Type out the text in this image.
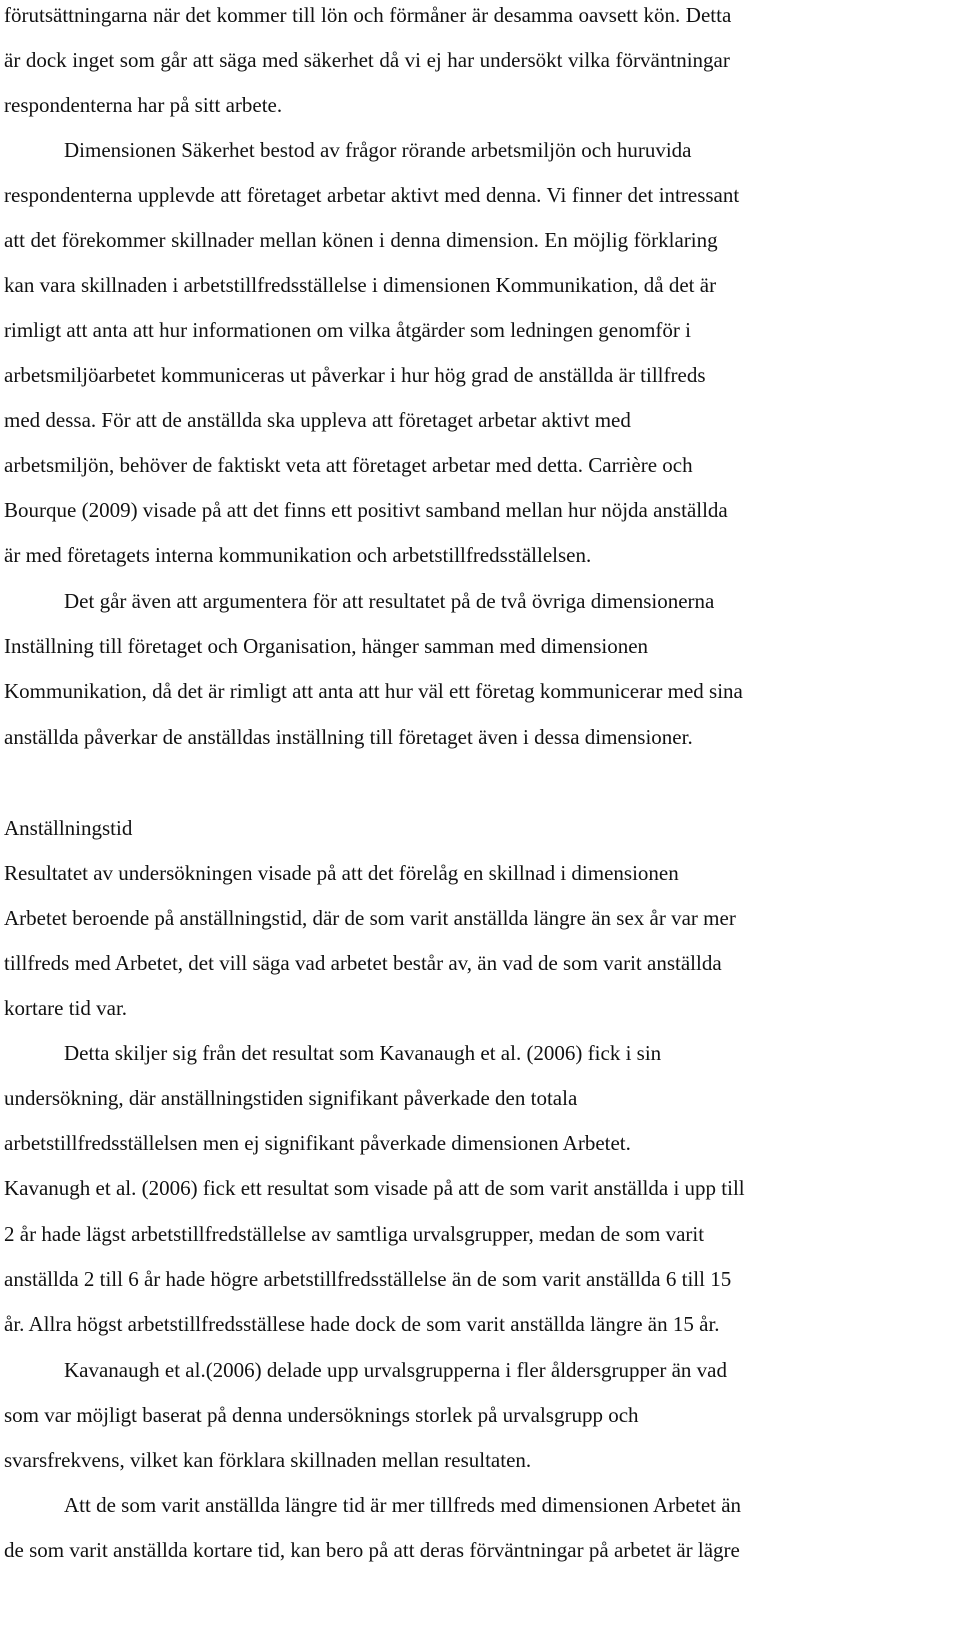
förutsättningarna när det kommer till lön och förmåner är desamma oavsett kön. Detta
är dock inget som går att säga med säkerhet då vi ej har undersökt vilka förväntningar
respondenterna har på sitt arbete.
Dimensionen Säkerhet bestod av frågor rörande arbetsmiljön och huruvida
respondenterna upplevde att företaget arbetar aktivt med denna. Vi finner det intressant
att det förekommer skillnader mellan könen i denna dimension. En möjlig förklaring
kan vara skillnaden i arbetstillfredsställelse i dimensionen Kommunikation, då det är
rimligt att anta att hur informationen om vilka åtgärder som ledningen genomför i
arbetsmiljöarbetet kommuniceras ut påverkar i hur hög grad de anställda är tillfreds
med dessa. För att de anställda ska uppleva att företaget arbetar aktivt med
arbetsmiljön, behöver de faktiskt veta att företaget arbetar med detta. Carrière och
Bourque (2009) visade på att det finns ett positivt samband mellan hur nöjda anställda
är med företagets interna kommunikation och arbetstillfredsställelsen.
Det går även att argumentera för att resultatet på de två övriga dimensionerna
Inställning till företaget och Organisation, hänger samman med dimensionen
Kommunikation, då det är rimligt att anta att hur väl ett företag kommunicerar med sina
anställda påverkar de anställdas inställning till företaget även i dessa dimensioner.
Anställningstid
Resultatet av undersökningen visade på att det förelåg en skillnad i dimensionen
Arbetet beroende på anställningstid, där de som varit anställda längre än sex år var mer
tillfreds med Arbetet, det vill säga vad arbetet består av, än vad de som varit anställda
kortare tid var.
Detta skiljer sig från det resultat som Kavanaugh et al. (2006) fick i sin
undersökning, där anställningstiden signifikant påverkade den totala
arbetstillfredsställelsen men ej signifikant påverkade dimensionen Arbetet.
Kavanugh et al. (2006) fick ett resultat som visade på att de som varit anställda i upp till
2 år hade lägst arbetstillfredställelse av samtliga urvalsgrupper, medan de som varit
anställda 2 till 6 år hade högre arbetstillfredsställelse än de som varit anställda 6 till 15
år. Allra högst arbetstillfredsställese hade dock de som varit anställda längre än 15 år.
Kavanaugh et al.(2006) delade upp urvalsgrupperna i fler åldersgrupper än vad
som var möjligt baserat på denna undersöknings storlek på urvalsgrupp och
svarsfrekvens, vilket kan förklara skillnaden mellan resultaten.
Att de som varit anställda längre tid är mer tillfreds med dimensionen Arbetet än
de som varit anställda kortare tid, kan bero på att deras förväntningar på arbetet är lägre
